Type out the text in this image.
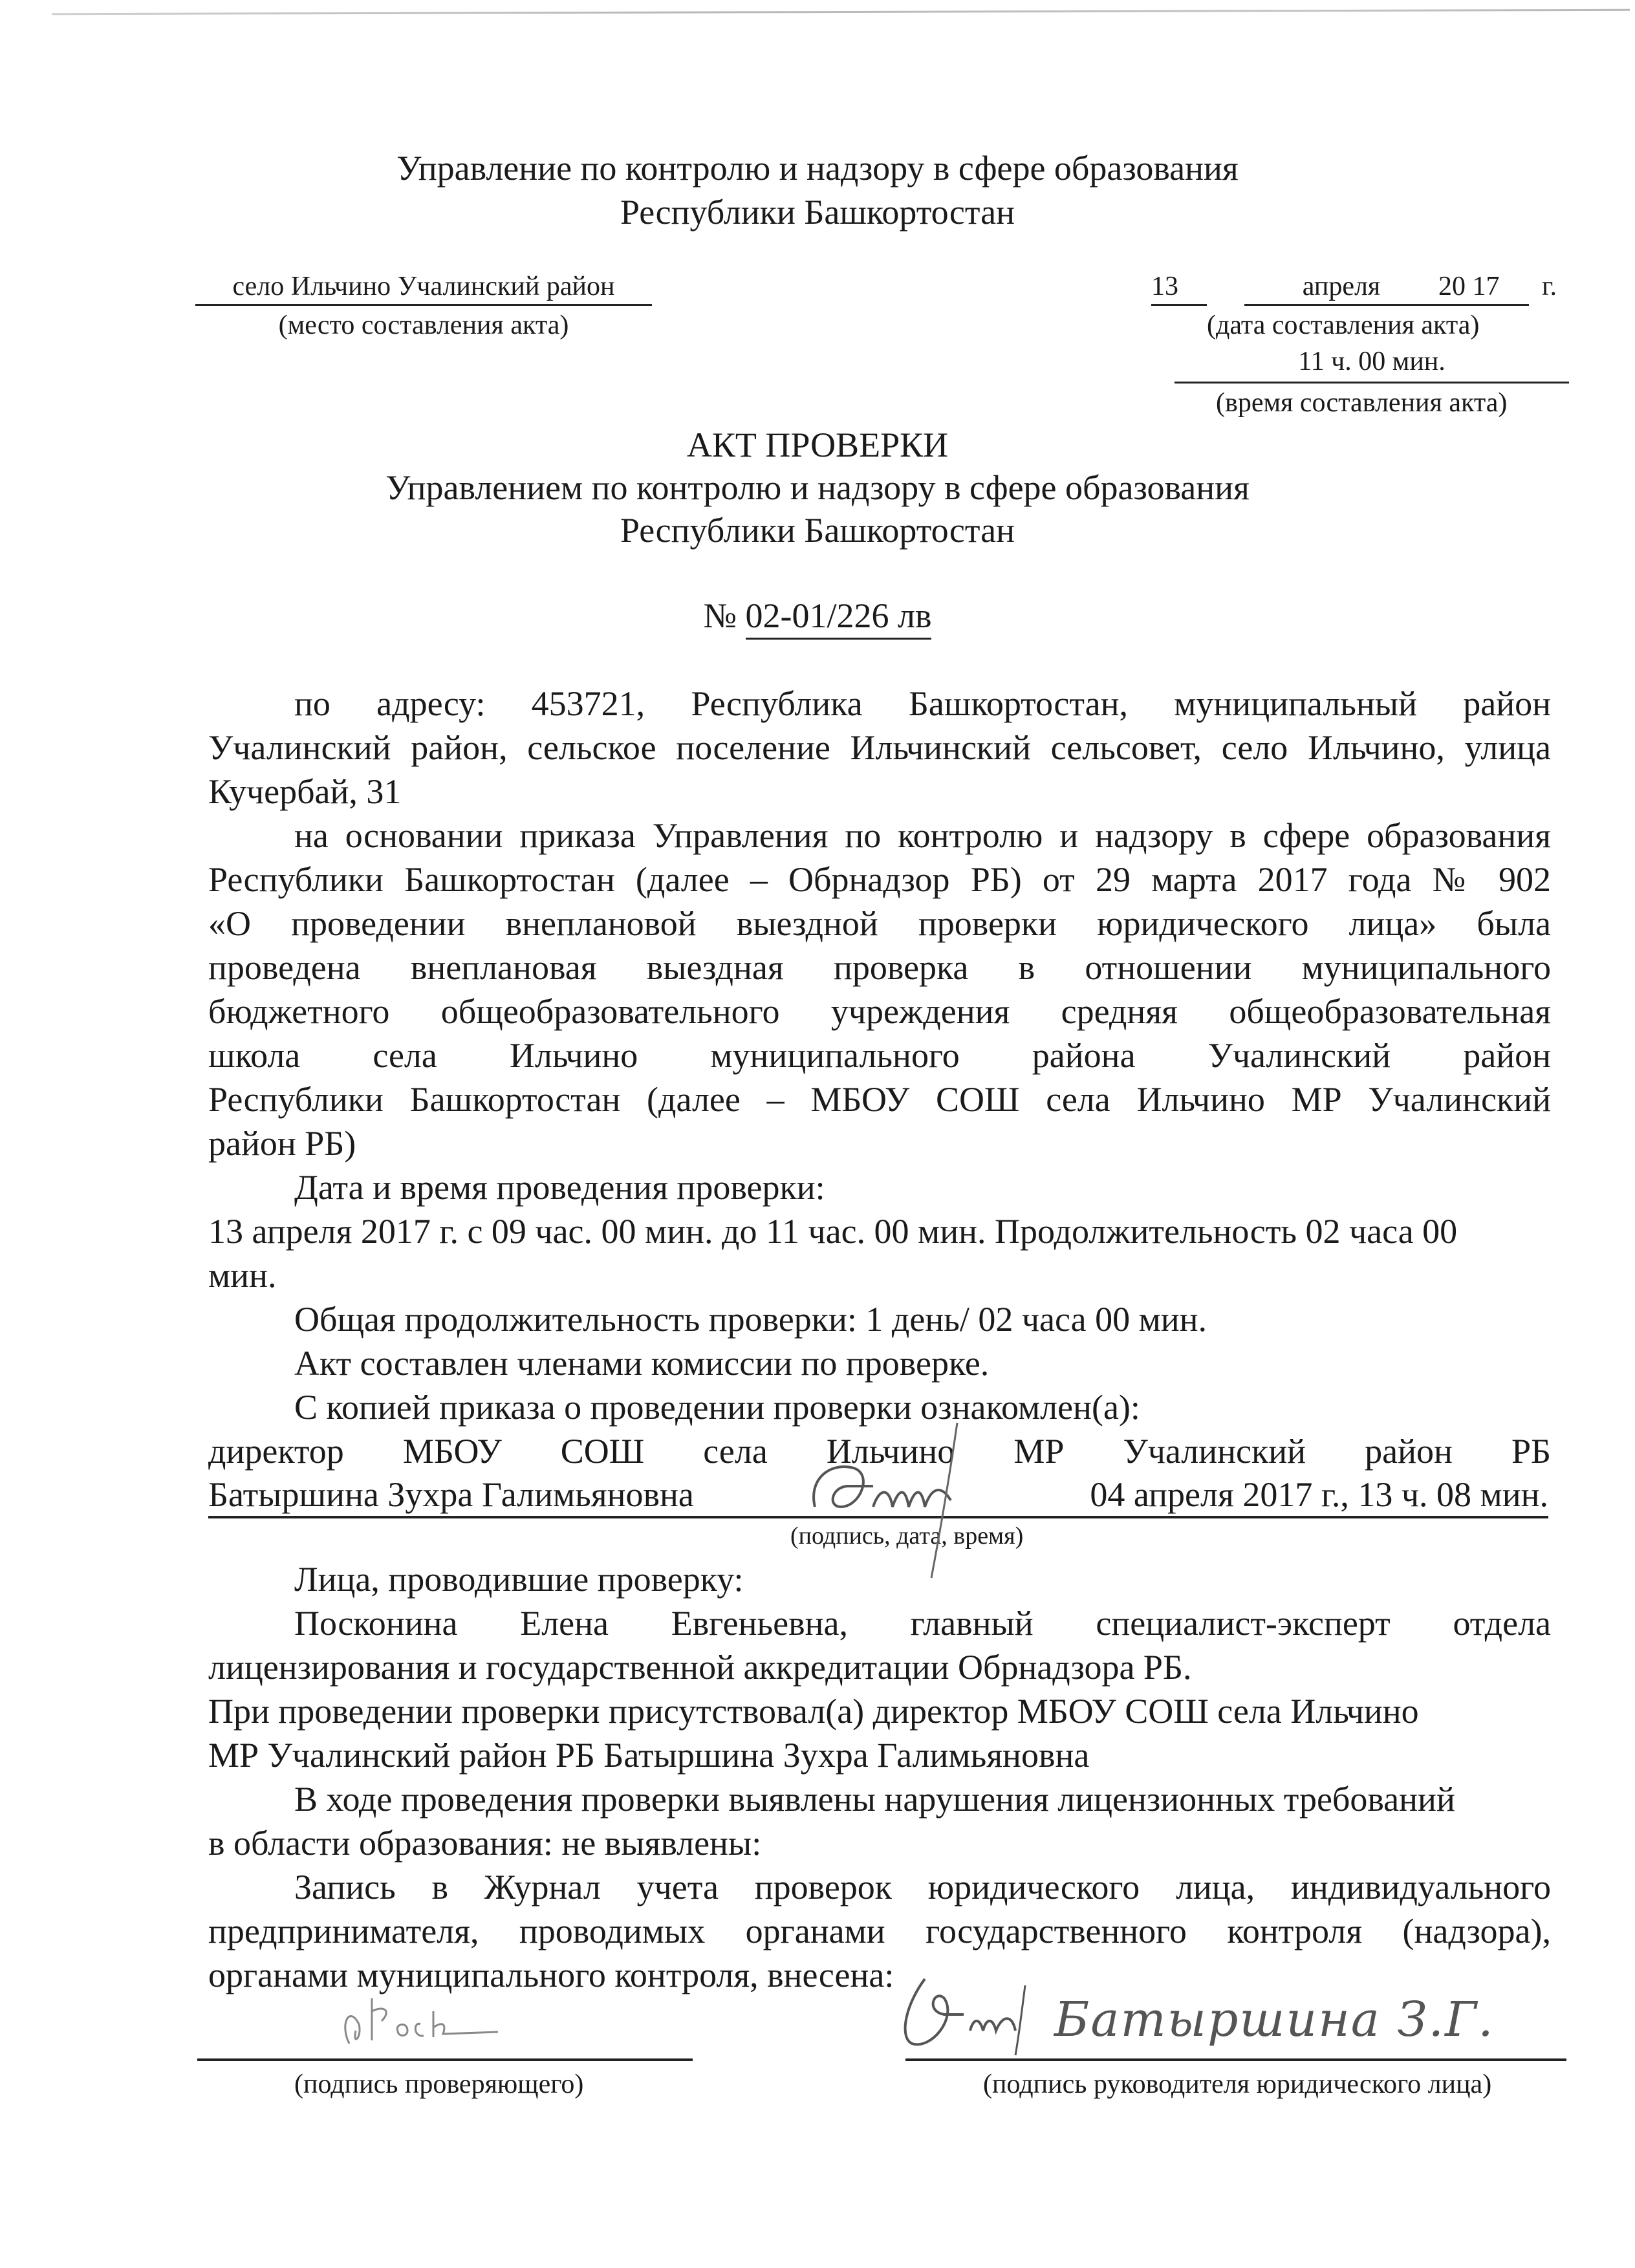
Управление по контролю и надзору в сфере образования
Республики Башкортостан
село Ильчино Учалинский район
(место составления акта)
13	апреля	20 17	г.
(дата составления акта)
11 ч. 00 мин.
(время составления акта)
АКТ ПРОВЕРКИ
Управлением по контролю и надзору в сфере образования
Республики Башкортостан
№ 02-01/226 лв
по адресу: 453721, Республика Башкортостан, муниципальный район
Учалинский район, сельское поселение Ильчинский сельсовет, село Ильчино, улица
Кучербай, 31
на основании приказа Управления по контролю и надзору в сфере образования
Республики Башкортостан (далее – Обрнадзор РБ) от 29 марта 2017 года № 902
«О проведении внеплановой выездной проверки юридического лица» была
проведена внеплановая выездная проверка в отношении муниципального
бюджетного общеобразовательного учреждения средняя общеобразовательная
школа села Ильчино муниципального района Учалинский район
Республики Башкортостан (далее – МБОУ СОШ села Ильчино МР Учалинский
район РБ)
Дата и время проведения проверки:
13 апреля 2017 г. с 09 час. 00 мин. до 11 час. 00 мин. Продолжительность 02 часа 00
мин.
Общая продолжительность проверки: 1 день/ 02 часа 00 мин.
Акт составлен членами комиссии по проверке.
С копией приказа о проведении проверки ознакомлен(а):
директор МБОУ СОШ села Ильчино МР Учалинский район РБ
Батыршина Зухра Галимьяновна	04 апреля 2017 г., 13 ч. 08 мин.
(подпись, дата, время)
Лица, проводившие проверку:
Посконина Елена Евгеньевна, главный специалист-эксперт отдела
лицензирования и государственной аккредитации Обрнадзора РБ.
При проведении проверки присутствовал(а) директор МБОУ СОШ села Ильчино
МР Учалинский район РБ Батыршина Зухра Галимьяновна
В ходе проведения проверки выявлены нарушения лицензионных требований
в области образования: не выявлены:
Запись в Журнал учета проверок юридического лица, индивидуального
предпринимателя, проводимых органами государственного контроля (надзора),
органами муниципального контроля, внесена:
(подпись проверяющего)
Батыршина З.Г.
(подпись руководителя юридического лица)
